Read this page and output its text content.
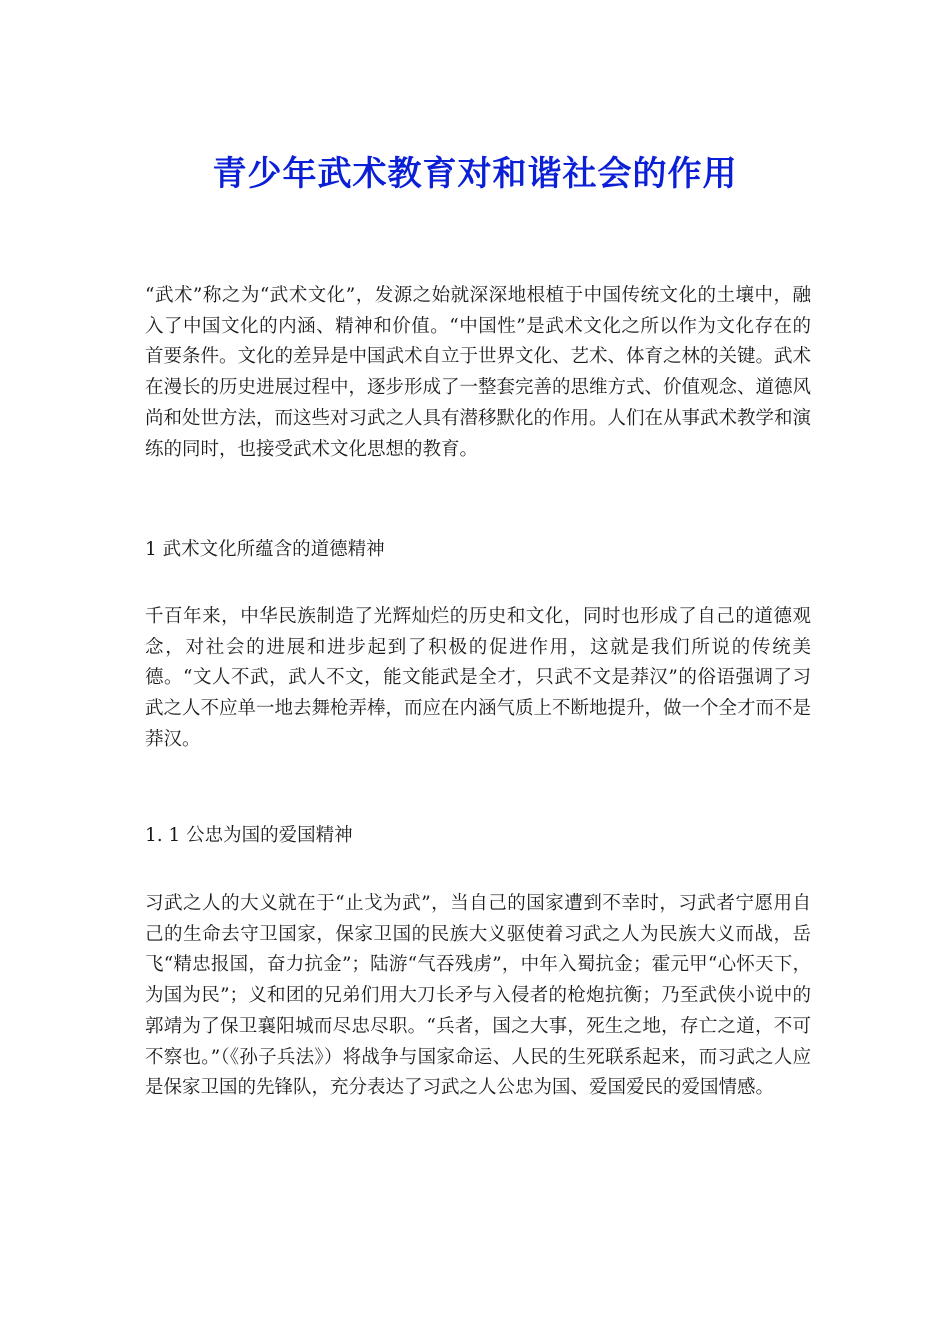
青少年武术教育对和谐社会的作用

“武术”称之为“武术文化”，发源之始就深深地根植于中国传统文化的土壤中，融入了中国文化的内涵、精神和价值。“中国性”是武术文化之所以作为文化存在的首要条件。文化的差异是中国武术自立于世界文化、艺术、体育之林的关键。武术在漫长的历史进展过程中，逐步形成了一整套完善的思维方式、价值观念、道德风尚和处世方法，而这些对习武之人具有潜移默化的作用。人们在从事武术教学和演练的同时，也接受武术文化思想的教育。

1 武术文化所蕴含的道德精神

千百年来，中华民族制造了光辉灿烂的历史和文化，同时也形成了自己的道德观念，对社会的进展和进步起到了积极的促进作用，这就是我们所说的传统美德。“文人不武，武人不文，能文能武是全才，只武不文是莽汉”的俗语强调了习武之人不应单一地去舞枪弄棒，而应在内涵气质上不断地提升，做一个全才而不是莽汉。

1. 1 公忠为国的爱国精神

习武之人的大义就在于“止戈为武”，当自己的国家遭到不幸时，习武者宁愿用自己的生命去守卫国家，保家卫国的民族大义驱使着习武之人为民族大义而战，岳飞“精忠报国，奋力抗金”；陆游“气吞残虏”，中年入蜀抗金；霍元甲“心怀天下，为国为民”；义和团的兄弟们用大刀长矛与入侵者的枪炮抗衡；乃至武侠小说中的郭靖为了保卫襄阳城而尽忠尽职。“兵者，国之大事，死生之地，存亡之道，不可不察也。”（《孙子兵法》）将战争与国家命运、人民的生死联系起来，而习武之人应是保家卫国的先锋队，充分表达了习武之人公忠为国、爱国爱民的爱国情感。
